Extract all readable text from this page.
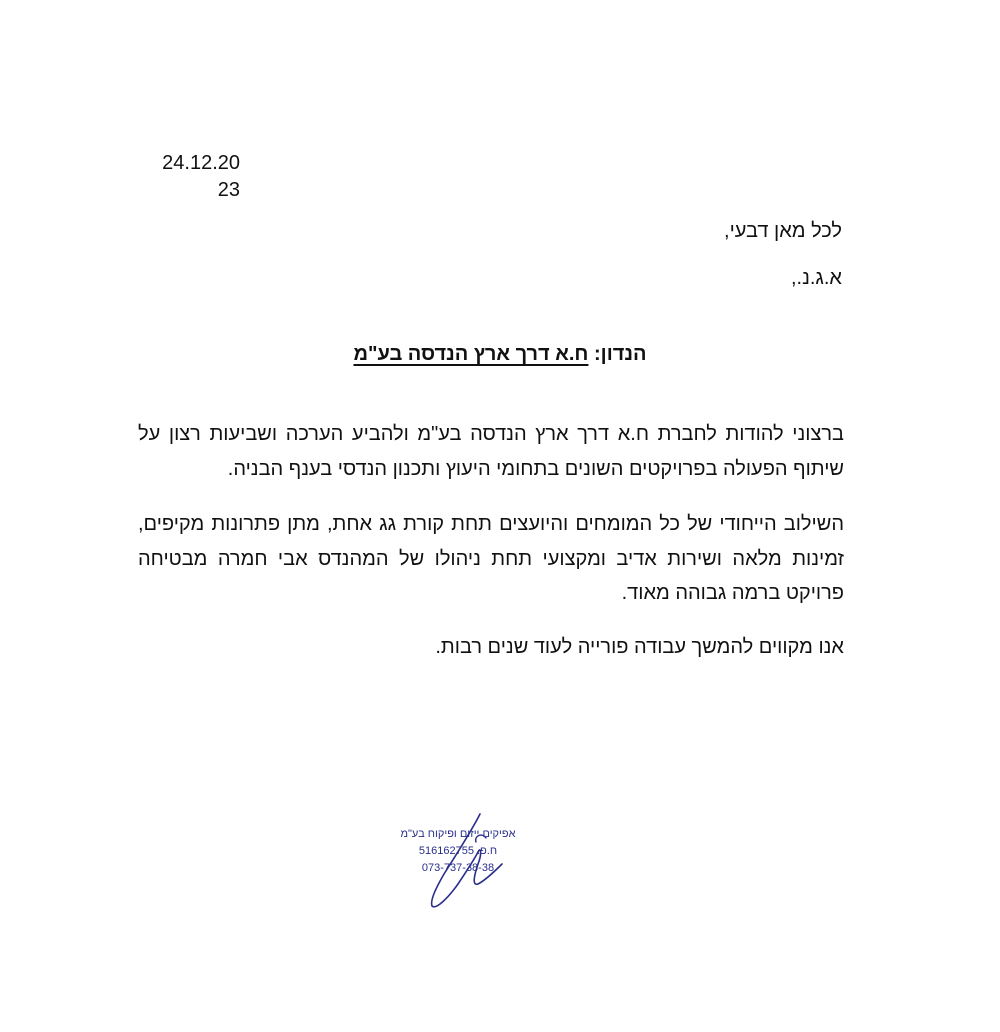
24.12.20
23
לכל מאן דבעי,
א.ג.נ.,
הנדון: ח.א דרך ארץ הנדסה בע"מ
ברצוני להודות לחברת ח.א דרך ארץ הנדסה בע"מ ולהביע הערכה ושביעות רצון על שיתוף הפעולה בפרויקטים השונים בתחומי היעוץ ותכנון הנדסי בענף הבניה.
השילוב הייחודי של כל המומחים והיועצים תחת קורת גג אחת, מתן פתרונות מקיפים, זמינות מלאה ושירות אדיב ומקצועי תחת ניהולו של המהנדס אבי חמרה מבטיחה פרויקט ברמה גבוהה מאוד.
אנו מקווים להמשך עבודה פורייה לעוד שנים רבות.
אפיקים ייזום ופיקוח בע"מ
ח.פ. 516162755
073-737-38-38
